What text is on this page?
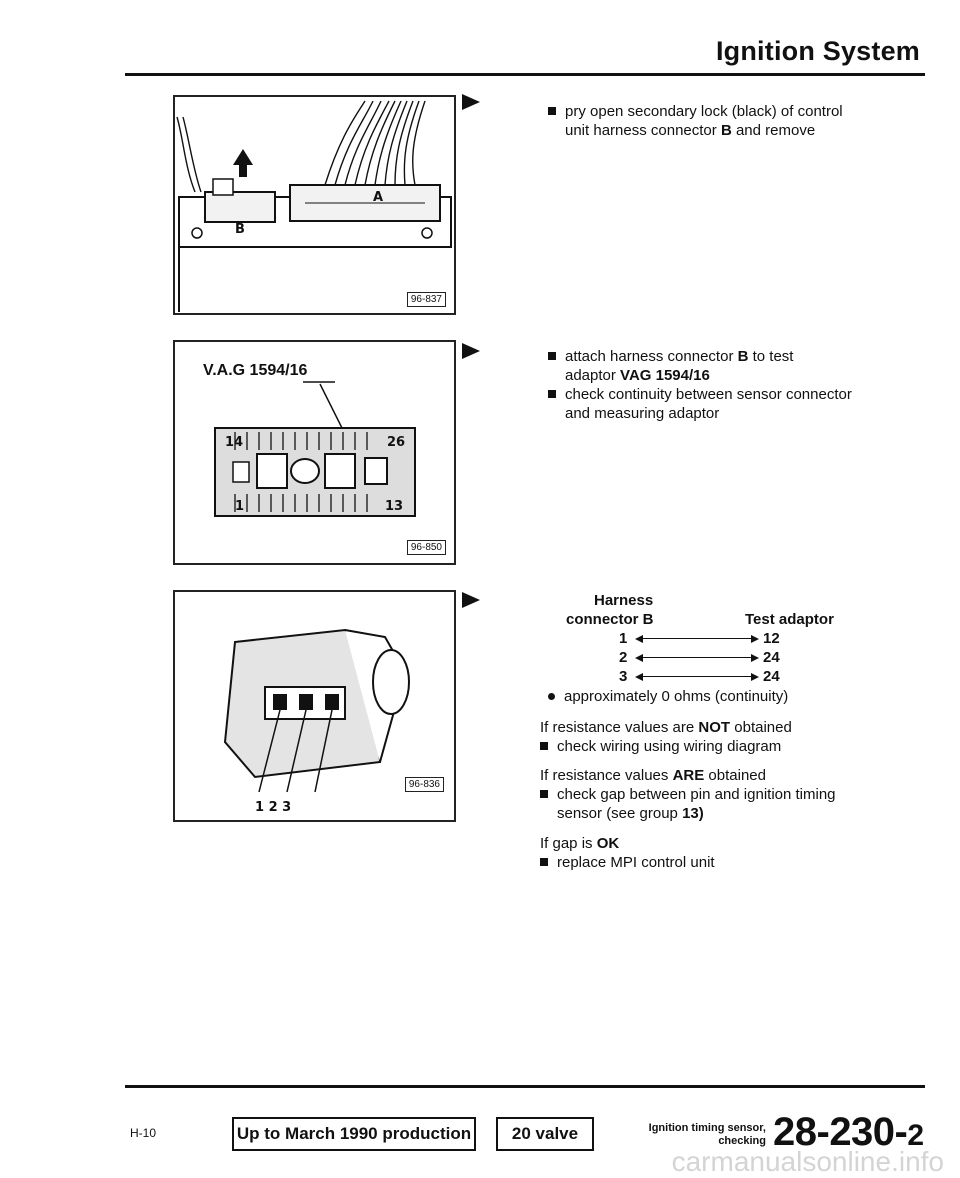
Ignition System
A
B
96-837
V.A.G 1594/16
14	26
1	13
96-850
1 2 3
96-836
pry open secondary lock (black) of control
unit harness connector B and remove
attach harness connector B to test
adaptor VAG 1594/16
check continuity between sensor connector
and measuring adaptor
Harness
connector B	Test adaptor
1	12
2	24
3	24
approximately 0 ohms (continuity)
If resistance values are NOT obtained
check wiring using wiring diagram
If resistance values ARE obtained
check gap between pin and ignition timing
sensor (see group 13)
If gap is OK
replace MPI control unit
H-10	Up to March 1990 production	20 valve	Ignition timing sensor,
checking 28-230-2
carmanualsonline.info
